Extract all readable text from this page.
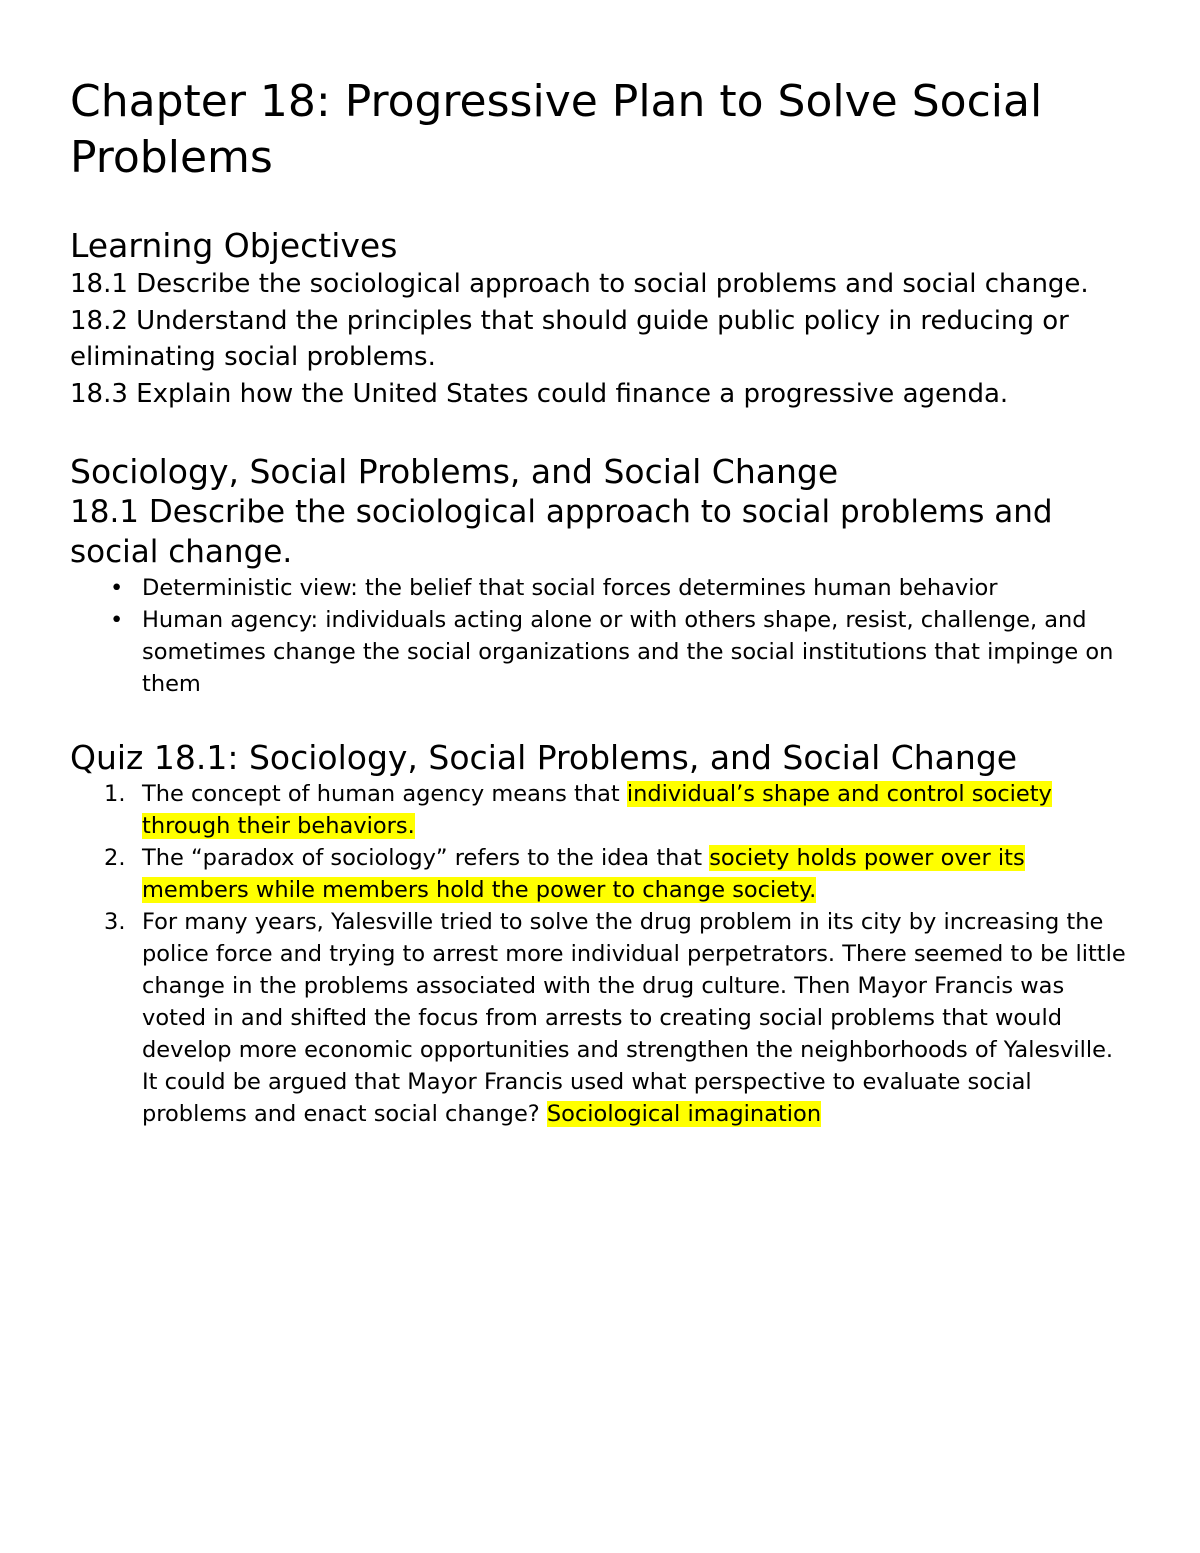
Chapter 18: Progressive Plan to Solve Social Problems
Learning Objectives

18.1 Describe the sociological approach to social problems and social change.

18.2 Understand the principles that should guide public policy in reducing or eliminating social problems.

18.3 Explain how the United States could finance a progressive agenda.

Sociology, Social Problems, and Social Change

18.1 Describe the sociological approach to social problems and social change.

• Deterministic view: the belief that social forces determines human behavior
• Human agency: individuals acting alone or with others shape, resist, challenge, and sometimes change the social organizations and the social institutions that impinge on them
Quiz 18.1: Sociology, Social Problems, and Social Change
1. The concept of human agency means that individual’s shape and control society through their behaviors.
2. The “paradox of sociology” refers to the idea that society holds power over its members while members hold the power to change society.
3. For many years, Yalesville tried to solve the drug problem in its city by increasing the police force and trying to arrest more individual perpetrators. There seemed to be little change in the problems associated with the drug culture. Then Mayor Francis was voted in and shifted the focus from arrests to creating social problems that would develop more economic opportunities and strengthen the neighborhoods of Yalesville. It could be argued that Mayor Francis used what perspective to evaluate social problems and enact social change? Sociological imagination
